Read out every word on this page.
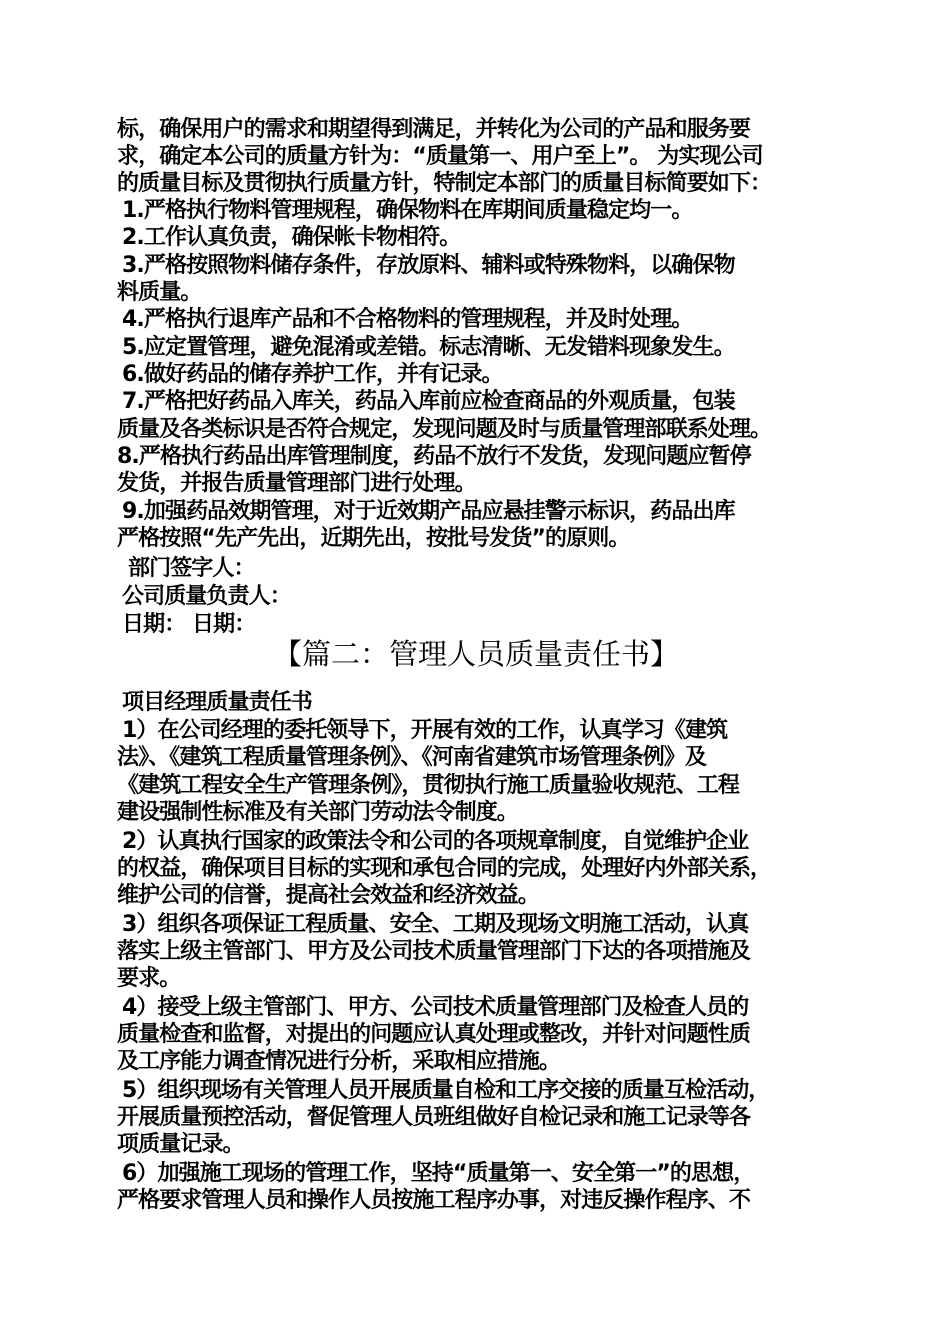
标，确保用户的需求和期望得到满足，并转化为公司的产品和服务要
求，确定本公司的质量方针为：“质量第一、用户至上”。 为实现公司
的质量目标及贯彻执行质量方针，特制定本部门的质量目标简要如下：
1.严格执行物料管理规程，确保物料在库期间质量稳定均一。
2.工作认真负责，确保帐卡物相符。
3.严格按照物料储存条件，存放原料、辅料或特殊物料，以确保物
料质量。
4.严格执行退库产品和不合格物料的管理规程，并及时处理。
5.应定置管理，避免混淆或差错。标志清晰、无发错料现象发生。
6.做好药品的储存养护工作，并有记录。
7.严格把好药品入库关，药品入库前应检查商品的外观质量，包装
质量及各类标识是否符合规定，发现问题及时与质量管理部联系处理。
8.严格执行药品出库管理制度，药品不放行不发货，发现问题应暂停
发货，并报告质量管理部门进行处理。
9.加强药品效期管理，对于近效期产品应悬挂警示标识，药品出库
严格按照“先产先出，近期先出，按批号发货”的原则。
部门签字人：
公司质量负责人：
日期： 日期：
【篇二：管理人员质量责任书】
项目经理质量责任书
1）在公司经理的委托领导下，开展有效的工作，认真学习《建筑
法》、《建筑工程质量管理条例》、《河南省建筑市场管理条例》及
《建筑工程安全生产管理条例》，贯彻执行施工质量验收规范、工程
建设强制性标准及有关部门劳动法令制度。
2）认真执行国家的政策法令和公司的各项规章制度，自觉维护企业
的权益，确保项目目标的实现和承包合同的完成，处理好内外部关系，
维护公司的信誉，提高社会效益和经济效益。
3）组织各项保证工程质量、安全、工期及现场文明施工活动，认真
落实上级主管部门、甲方及公司技术质量管理部门下达的各项措施及
要求。
4）接受上级主管部门、甲方、公司技术质量管理部门及检查人员的
质量检查和监督，对提出的问题应认真处理或整改，并针对问题性质
及工序能力调查情况进行分析，采取相应措施。
5）组织现场有关管理人员开展质量自检和工序交接的质量互检活动，
开展质量预控活动，督促管理人员班组做好自检记录和施工记录等各
项质量记录。
6）加强施工现场的管理工作，坚持“质量第一、安全第一”的思想，
严格要求管理人员和操作人员按施工程序办事，对违反操作程序、不
